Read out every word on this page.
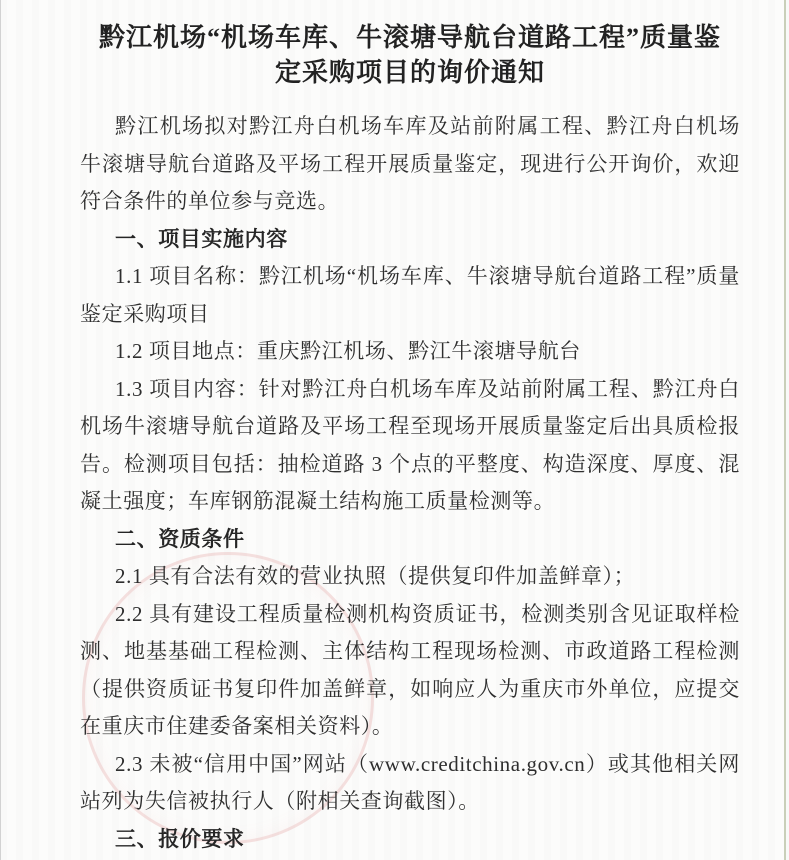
黔江机场“机场车库、牛滚塘导航台道路工程”质量鉴定采购项目的询价通知

黔江机场拟对黔江舟白机场车库及站前附属工程、黔江舟白机场牛滚塘导航台道路及平场工程开展质量鉴定，现进行公开询价，欢迎符合条件的单位参与竞选。

一、项目实施内容

1.1 项目名称：黔江机场“机场车库、牛滚塘导航台道路工程”质量鉴定采购项目

1.2 项目地点：重庆黔江机场、黔江牛滚塘导航台

1.3 项目内容：针对黔江舟白机场车库及站前附属工程、黔江舟白机场牛滚塘导航台道路及平场工程至现场开展质量鉴定后出具质检报告。检测项目包括：抽检道路 3 个点的平整度、构造深度、厚度、混凝土强度；车库钢筋混凝土结构施工质量检测等。

二、资质条件

2.1 具有合法有效的营业执照（提供复印件加盖鲜章）；

2.2 具有建设工程质量检测机构资质证书，检测类别含见证取样检测、地基基础工程检测、主体结构工程现场检测、市政道路工程检测（提供资质证书复印件加盖鲜章，如响应人为重庆市外单位，应提交在重庆市住建委备案相关资料）。

2.3 未被“信用中国”网站（www.creditchina.gov.cn）或其他相关网站列为失信被执行人（附相关查询截图）。

三、报价要求
